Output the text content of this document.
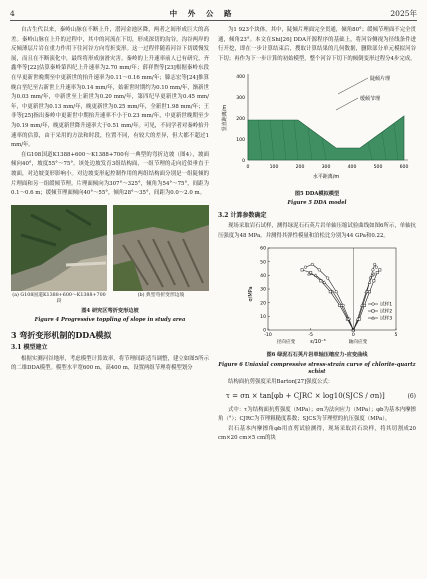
4	中 外 公 路	2025年

自古生代以来，秦岭山脉在不断上升，潜河金池区降，两者之间形成巨大的高差。秦岭山脉在上升的过程中，其中的河流在下切，形成深切的沟谷，沟谷两岸的反倾薄层片岩在重力作用下往河谷方向弯折变形。这一过程伴随着河谷下切缓慢发展，而且在不断演化中，最终将形成崩滑灾害。秦岭的上升速率前人已有研究，齐鑫华等[22]估算秦岭第四纪上升速率为2.70 mm/年；薛祥煦等[23]根据秦岭东段在早更新世晚期至中更新世的抬升速率为0.11～0.16 mm/年；滕志宏等[24]推算晚白垩纪至古新世上升速率为0.14 mm/年，始新世时期约为0.10 mm/年，渐新世为0.03 mm/年，中新世至上新世为0.20 mm/年，第四纪早更新世为0.45 mm/年，中更新世为0.13 mm/年，晚更新世为0.25 mm/年，全新世1.98 mm/年；王非等[25]指出秦岭中更新世中期抬升速率不小于0.23 mm/年，中更新世晚期至少为0.19 mm/年，晚更新世降升速率大于0.51 mm/年。可见，不同学者对秦岭抬升速率的估算，由于采用的方法和时段，位置不同，有较大的差异，但大都不超过1 mm/年。

在G108国道K1388+600～K1388+700有一典型的弯折边坡（图4），坡面倾向40°，坡度55°～75°。该处边坡发育3组结构面，一组节理的走向近似垂直于坡面，对边坡变形影响小。对边坡变形起控制作用的两组结构面分别是一组陡倾的片理面和另一组缓倾节理。片理面倾向为307°～325°，倾角为54°～75°，间距为0.1～0.6 m；缓倾节理面倾向40°～55°，倾角28°～35°，间距为0.0～2.0 m。

(a) G108国道K1388+600～K1388+700段
(b) 典型弯折变形边坡
图4 研究区弯折变形边坡
Figure 4 Progressive toppling of slope in study area
3 弯折变形机制的DDA模拟
3.1 模型建立

根据实测河谷地形，考虑模型计算效率，将节理间距适当调整，建立如图5所示的二维DDA模型。模型水平宽600 m，高400 m，设置两组节理将模型划分

为1 923个块体。其中，陡倾片理面完全贯通，倾角80°；缓倾节理面不完全贯通，倾角23°。本文在Shi[26] DDA开源程序的基础上，将河谷侧视为径线条件进行开挖，即在一步计算结束后，搜取计算结果的几何数据，删除部分单元模拟河谷下切；再作为下一步计算的初始模型，整个河谷下切下的倾倒变形过程分4步完成。

陡倾片理
缓倾节理
400
300
200
100
0
0	100	200	300	400	500	600
水平距离/m
竖直距离/m
图5 DDA模拟模型
Figure 5 DDA model
3.2 计算参数确定

现场采取岩石试样，测得绿泥石石英片岩单轴压缩试验曲线如图6所示，单轴抗压强度为48 MPa。并测得其弹性模量和泊松比分别为44 GPa和0.22。

-10	-5	0	5
0
10
20
30
40
50
60
σ/MPa
ε/10⁻³
径向应变	轴向应变
试样1
试样2
试样3
图6 绿泥石石英片岩单轴压缩应力-应变曲线
Figure 6 Uniaxial compressive stress-strain curve of chlorite-quartz schist

结构面抗剪强度采用Barton[27]强度公式：

τ = σn × tan[φb + CJRC × log10(SJCS / σn)]	(6)

式中：τ为结构面抗剪强度（MPa）；σn为法向应力（MPa）；φb为基本内摩擦角（°）；CJRC为节理粗糙度系数；SJCS为节理壁的抗压强度（MPa）。

岩石基本内摩擦角φb用直剪试验测得，现场采取岩石块样，将其切割成20 cm×20 cm×5 cm的块
